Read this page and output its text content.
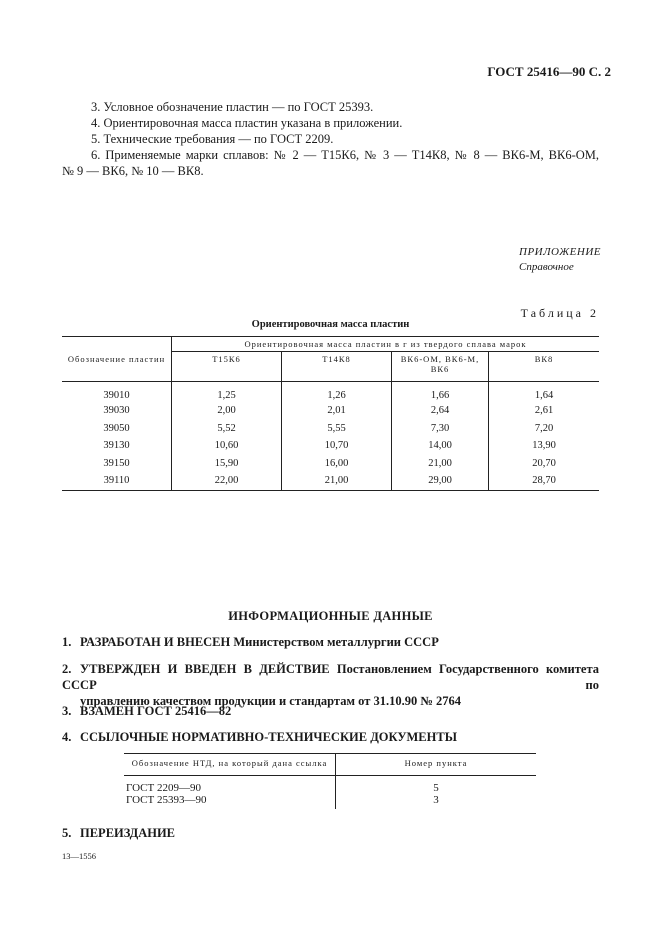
ГОСТ 25416—90 С. 2
3. Условное обозначение пластин — по ГОСТ 25393.
4. Ориентировочная масса пластин указана в приложении.
5. Технические требования — по ГОСТ 2209.
6. Применяемые марки сплавов: № 2 — Т15К6, № 3 — Т14К8, № 8 — ВК6-М, ВК6-ОМ,
№ 9 — ВК6, № 10 — ВК8.
ПРИЛОЖЕНИЕ
Справочное
Таблица 2
Ориентировочная масса пластин
Обозначение пластин	Ориентировочная масса пластин в г из твердого сплава марок			
	Т15К6	Т14К8	ВК6-ОМ, ВК6-М, ВК6	ВК8
39010	1,25	1,26	1,66	1,64
39030	2,00	2,01	2,64	2,61
39050	5,52	5,55	7,30	7,20
39130	10,60	10,70	14,00	13,90
39150	15,90	16,00	21,00	20,70
39110	22,00	21,00	29,00	28,70
ИНФОРМАЦИОННЫЕ ДАННЫЕ
1. РАЗРАБОТАН И ВНЕСЕН Министерством металлургии СССР
2. УТВЕРЖДЕН И ВВЕДЕН В ДЕЙСТВИЕ Постановлением Государственного комитета СССР по
управлению качеством продукции и стандартам от 31.10.90 № 2764
3. ВЗАМЕН ГОСТ 25416—82
4. ССЫЛОЧНЫЕ НОРМАТИВНО-ТЕХНИЧЕСКИЕ ДОКУМЕНТЫ
Обозначение НТД, на который дана ссылка	Номер пункта
ГОСТ 2209—90	5
ГОСТ 25393—90	3
5. ПЕРЕИЗДАНИЕ
13—1556
